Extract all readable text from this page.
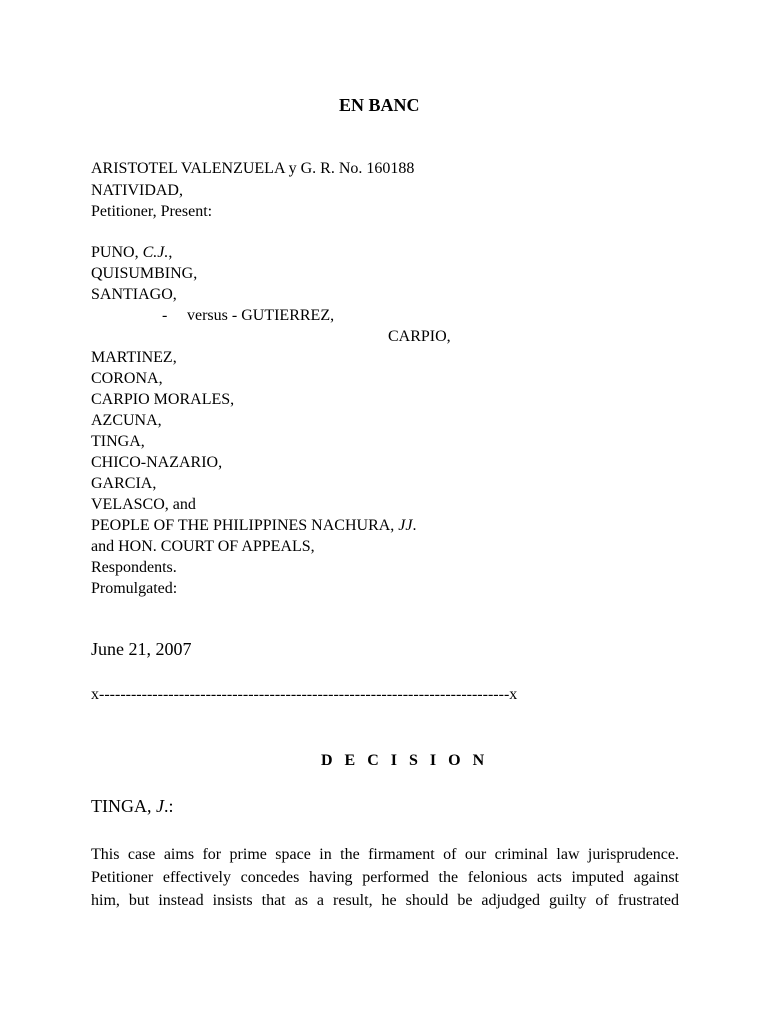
EN BANC
ARISTOTEL VALENZUELA y G. R. No. 160188
NATIVIDAD,
Petitioner, Present:
PUNO, C.J.,
QUISUMBING,
SANTIAGO,
- versus - GUTIERREZ,
CARPIO,
MARTINEZ,
CORONA,
CARPIO MORALES,
AZCUNA,
TINGA,
CHICO-NAZARIO,
GARCIA,
VELASCO, and
PEOPLE OF THE PHILIPPINES NACHURA, JJ.
and HON. COURT OF APPEALS,
Respondents.
Promulgated:
June 21, 2007
x-----------------------------------------------------------------------------x
D E C I S I O N
TINGA, J.:
This case aims for prime space in the firmament of our criminal law jurisprudence.
Petitioner effectively concedes having performed the felonious acts imputed against
him, but instead insists that as a result, he should be adjudged guilty of frustrated
